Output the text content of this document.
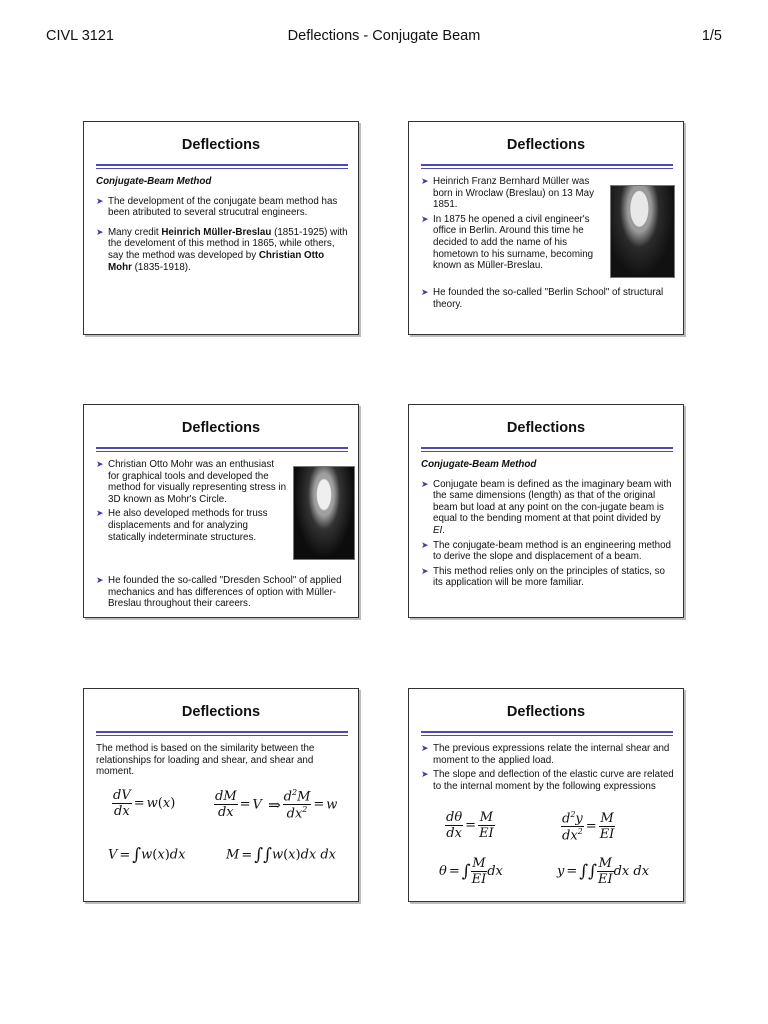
CIVL 3121	Deflections - Conjugate Beam	1/5
Deflections
Conjugate-Beam Method
➤
The development of the conjugate beam method has been atributed to several strucutral engineers.
➤
Many credit Heinrich Müller-Breslau (1851-1925) with the develoment of this method in 1865, while others, say the method was developed by Christian Otto Mohr (1835-1918).
Deflections
➤
Heinrich Franz Bernhard Müller was born in Wroclaw (Breslau) on 13 May 1851.
➤
In 1875 he opened a civil engineer's office in Berlin. Around this time he decided to add the name of his hometown to his surname, becoming known as Müller-Breslau.
➤
He founded the so-called "Berlin School" of structural theory.
Deflections
➤
Christian Otto Mohr was an enthusiast for graphical tools and developed the method for visually representing stress in 3D known as Mohr's Circle.
➤
He also developed methods for truss displacements and for analyzing statically indeterminate structures.
➤
He founded the so-called "Dresden School" of applied mechanics and has differences of option with Müller-Breslau throughout their careers.
Deflections
Conjugate-Beam Method
➤
Conjugate beam is defined as the imaginary beam with the same dimensions (length) as that of the original beam but load at any point on the con-jugate beam is equal to the bending moment at that point divided by EI.
➤
The conjugate-beam method is an engineering method to derive the slope and displacement of a beam.
➤
This method relies only on the principles of statics, so its application will be more familiar.
Deflections
The method is based on the similarity between the relationships for loading and shear, and shear and moment.
$\frac{dV}{dx} = w(x)$	$\frac{dM}{dx} = V$ ⇒ $\frac{d^2M}{dx^2} = w$
V = ∫w(x)dx	M = ∫∫w(x)dx dx
Deflections
➤
The previous expressions relate the internal shear and moment to the applied load.
➤
The slope and deflection of the elastic curve are related to the internal moment by the following expressions
$\frac{d\theta}{dx} = \frac{M}{EI}$	$\frac{d^2y}{dx^2} = \frac{M}{EI}$
θ = ∫ $\frac{M}{EI}$ dx	y = ∫∫ $\frac{M}{EI}$ dx dx
